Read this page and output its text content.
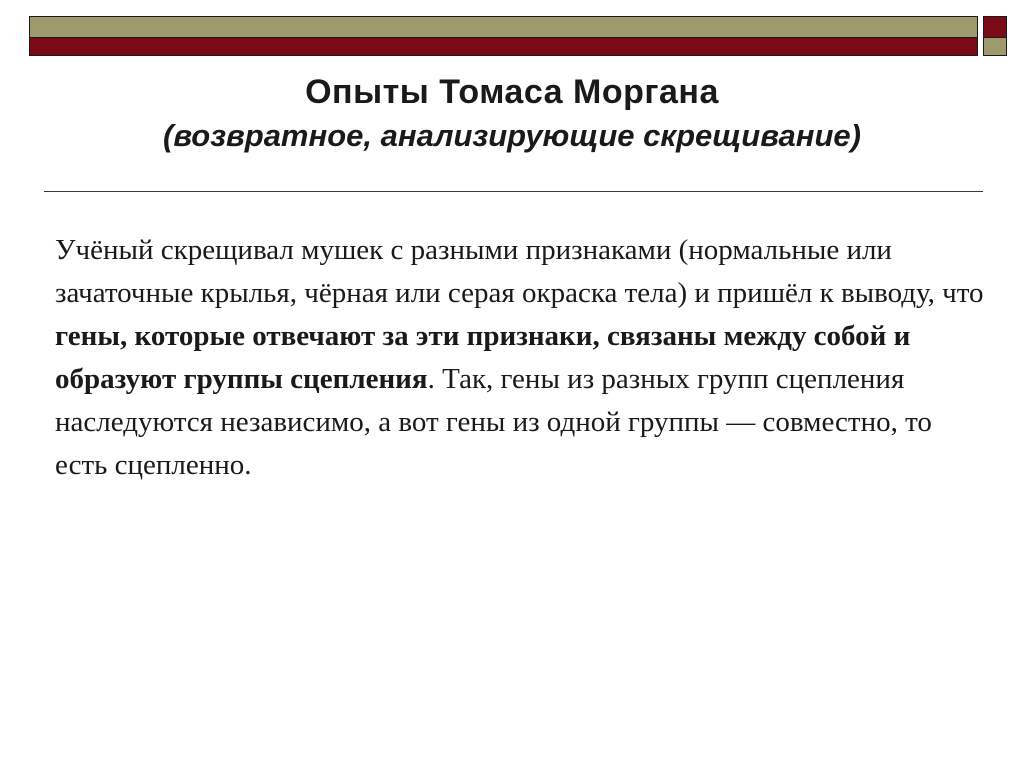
Опыты Томаса Моргана
(возвратное, анализирующие скрещивание)
Учёный скрещивал мушек с разными признаками (нормальные или зачаточные крылья, чёрная или серая окраска тела) и пришёл к выводу, что гены, которые отвечают за эти признаки, связаны между собой и образуют группы сцепления. Так, гены из разных групп сцепления наследуются независимо, а вот гены из одной группы — совместно, то есть сцепленно.
